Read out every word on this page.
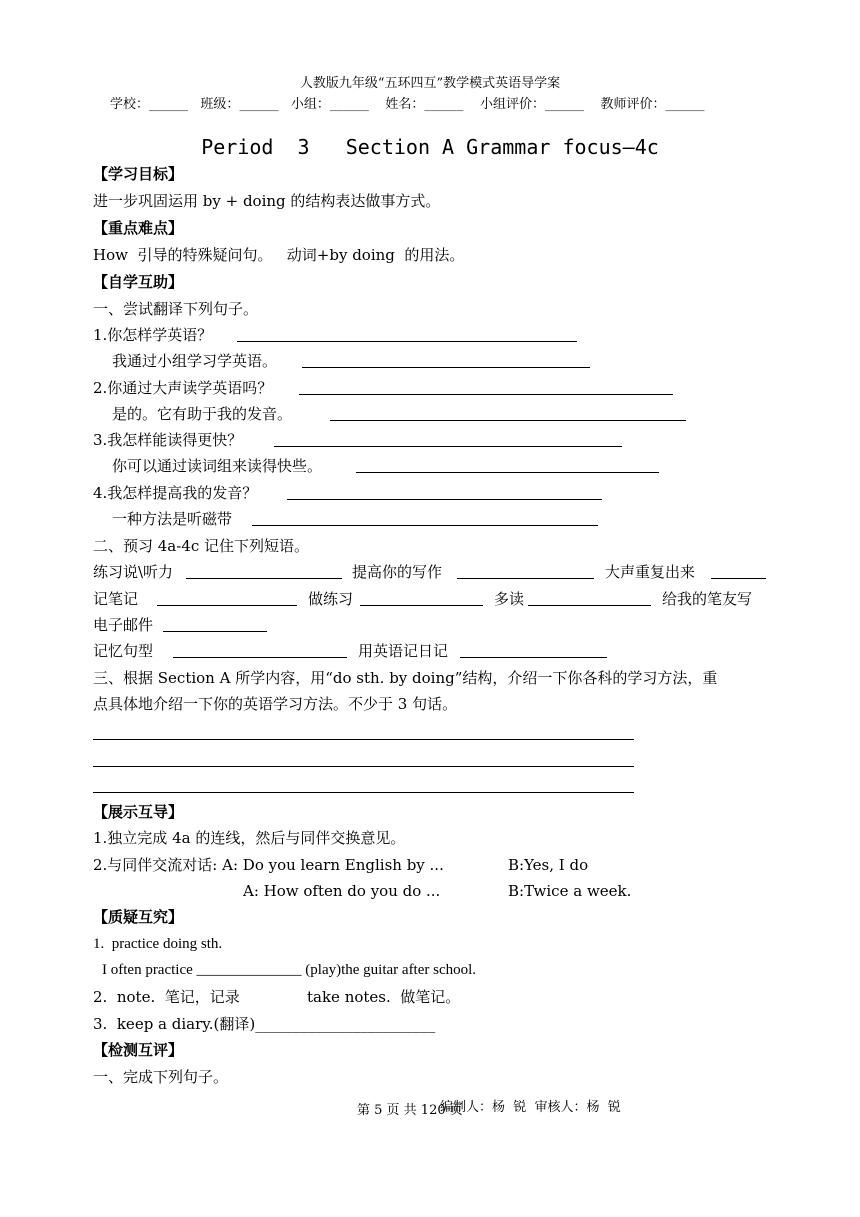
人教版九年级“五环四互”教学模式英语导学案
学校：______ 班级：______ 小组：______ 姓名：______ 小组评价：______ 教师评价：______
Period  3   Section A Grammar focus—4c
【学习目标】
进一步巩固运用 by + doing 的结构表达做事方式。
【重点难点】
How  引导的特殊疑问句。   动词+by doing  的用法。
【自学互助】
一、尝试翻译下列句子。
1.你怎样学英语？
我通过小组学习学英语。
2.你通过大声读学英语吗？
是的。它有助于我的发音。
3.我怎样能读得更快？
你可以通过读词组来读得快些。
4.我怎样提高我的发音？
一种方法是听磁带
二、预习 4a-4c 记住下列短语。
练习说\听力	提高你的写作	大声重复出来
记笔记	做练习	多读	给我的笔友写
电子邮件
记忆句型	用英语记日记
三、根据 Section A 所学内容，用“do sth. by doing”结构，介绍一下你各科的学习方法，重
点具体地介绍一下你的英语学习方法。不少于 3 句话。
【展示互导】
1.独立完成 4a 的连线，然后与同伴交换意见。
2.与同伴交流对话: A: Do you learn English by ...	B:Yes, I do
A: How often do you do ...	B:Twice a week.
【质疑互究】
1.  practice doing sth.
I often practice ______________ (play)the guitar after school.
2.  note.  笔记，记录	take notes.  做笔记。
3.  keep a diary.(翻译)________________________
【检测互评】
一、完成下列句子。
第 5 页 共 120 页
编制人：杨  锐  审核人：杨  锐
